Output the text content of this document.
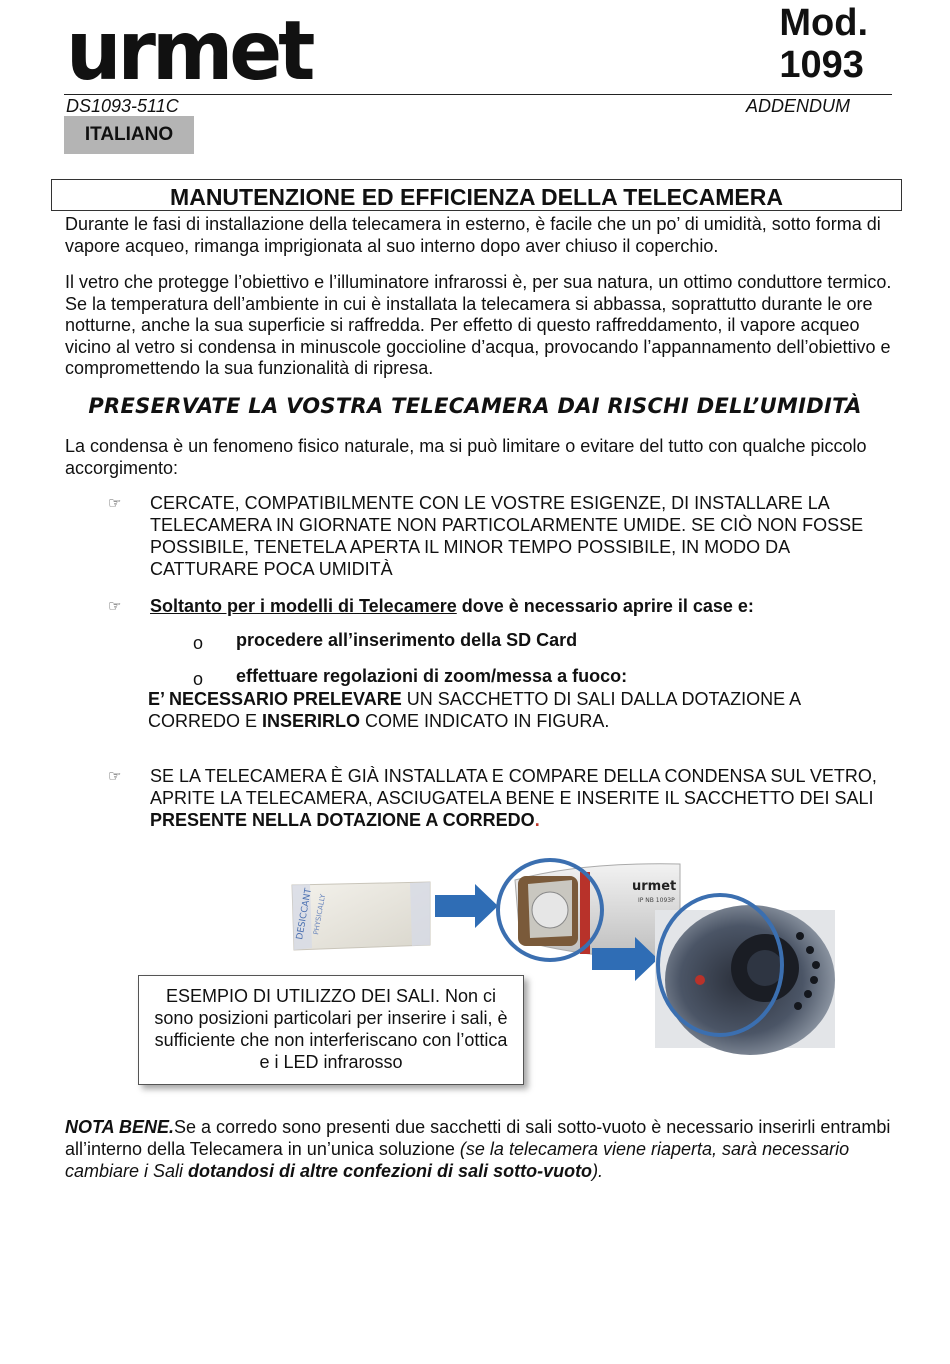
urmet	Mod.
1093
DS1093-511C	ADDENDUM
ITALIANO
MANUTENZIONE ED EFFICIENZA DELLA TELECAMERA
Durante le fasi di installazione della telecamera in esterno, è facile che un po’ di umidità, sotto forma di vapore acqueo, rimanga imprigionata al suo interno dopo aver chiuso il coperchio.
Il vetro che protegge l’obiettivo e l’illuminatore infrarossi è, per sua natura, un ottimo conduttore termico. Se la temperatura dell’ambiente in cui è installata la telecamera si abbassa, soprattutto durante le ore notturne, anche la sua superficie si raffredda. Per effetto di questo raffreddamento, il vapore acqueo vicino al vetro si condensa in minuscole goccioline d’acqua, provocando l’appannamento dell’obiettivo e compromettendo la sua funzionalità di ripresa.
PRESERVATE LA VOSTRA TELECAMERA DAI RISCHI DELL’UMIDITÀ
La condensa è un fenomeno fisico naturale, ma si può limitare o evitare del tutto con qualche piccolo accorgimento:
☞ CERCATE, COMPATIBILMENTE CON LE VOSTRE ESIGENZE, DI INSTALLARE LA TELECAMERA IN GIORNATE NON PARTICOLARMENTE UMIDE. SE CIÒ NON FOSSE POSSIBILE, TENETELA APERTA IL MINOR TEMPO POSSIBILE, IN MODO DA CATTURARE POCA UMIDITÀ
☞ Soltanto per i modelli di Telecamere dove è necessario aprire il case e:
o procedere all’inserimento della SD Card
o effettuare regolazioni di zoom/messa a fuoco:
E’ NECESSARIO PRELEVARE UN SACCHETTO DI SALI DALLA DOTAZIONE A CORREDO E INSERIRLO COME INDICATO IN FIGURA.
☞ SE LA TELECAMERA È GIÀ INSTALLATA E COMPARE DELLA CONDENSA SUL VETRO, APRITE LA TELECAMERA, ASCIUGATELA BENE E INSERITE IL SACCHETTO DEI SALI PRESENTE NELLA DOTAZIONE A CORREDO.
DESICCANT
PHYSICALLY
urmet
IP NB 1093P
ESEMPIO DI UTILIZZO DEI SALI. Non ci sono posizioni particolari per inserire i sali, è sufficiente che non interferiscano con l’ottica e i LED infrarosso
NOTA BENE.Se a corredo sono presenti due sacchetti di sali sotto-vuoto è necessario inserirli entrambi all’interno della Telecamera in un’unica soluzione (se la telecamera viene riaperta, sarà necessario cambiare i Sali dotandosi di altre confezioni di sali sotto-vuoto).
